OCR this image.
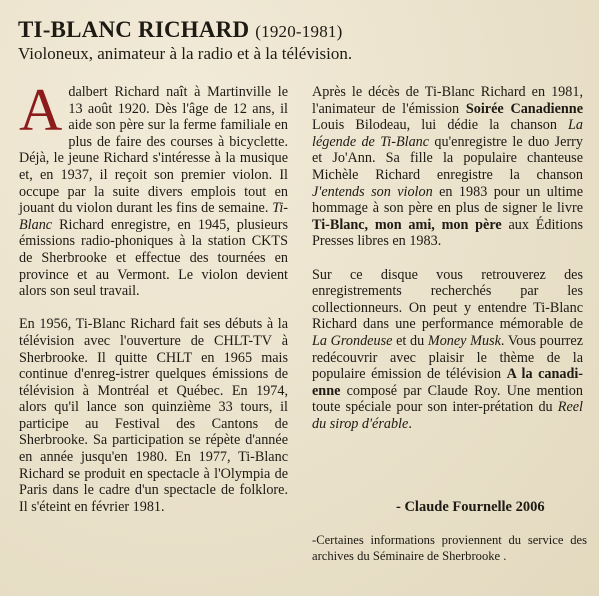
TI-BLANC RICHARD (1920-1981)
Violoneux, animateur à la radio et à la télévision.

Adalbert Richard naît à Martinville le 13 août 1920. Dès l'âge de 12 ans, il aide son père sur la ferme familiale en plus de faire des courses à bicyclette. Déjà, le jeune Richard s'intéresse à la musique et, en 1937, il reçoit son premier violon. Il occupe par la suite divers emplois tout en jouant du violon durant les fins de semaine. Ti-Blanc Richard enregistre, en 1945, plusieurs émissions radio-phoniques à la station CKTS de Sherbrooke et effectue des tournées en province et au Vermont. Le violon devient alors son seul travail.

En 1956, Ti-Blanc Richard fait ses débuts à la télévision avec l'ouverture de CHLT-TV à Sherbrooke. Il quitte CHLT en 1965 mais continue d'enreg-istrer quelques émissions de télévision à Montréal et Québec. En 1974, alors qu'il lance son quinzième 33 tours, il participe au Festival des Cantons de Sherbrooke. Sa participation se répète d'année en année jusqu'en 1980. En 1977, Ti-Blanc Richard se produit en spectacle à l'Olympia de Paris dans le cadre d'un spectacle de folklore. Il s'éteint en février 1981.

Après le décès de Ti-Blanc Richard en 1981, l'animateur de l'émission Soirée Canadienne Louis Bilodeau, lui dédie la chanson La légende de Ti-Blanc qu'enregistre le duo Jerry et Jo'Ann. Sa fille la populaire chanteuse Michèle Richard enregistre la chanson J'entends son violon en 1983 pour un ultime hommage à son père en plus de signer le livre Ti-Blanc, mon ami, mon père aux Éditions Presses libres en 1983.

Sur ce disque vous retrouverez des enregistrements recherchés par les collectionneurs. On peut y entendre Ti-Blanc Richard dans une performance mémorable de La Grondeuse et du Money Musk. Vous pourrez redécouvrir avec plaisir le thème de la populaire émission de télévision A la canadi-enne composé par Claude Roy. Une mention toute spéciale pour son inter-prétation du Reel du sirop d'érable.

- Claude Fournelle 2006
-Certaines informations proviennent du service des archives du Séminaire de Sherbrooke .
